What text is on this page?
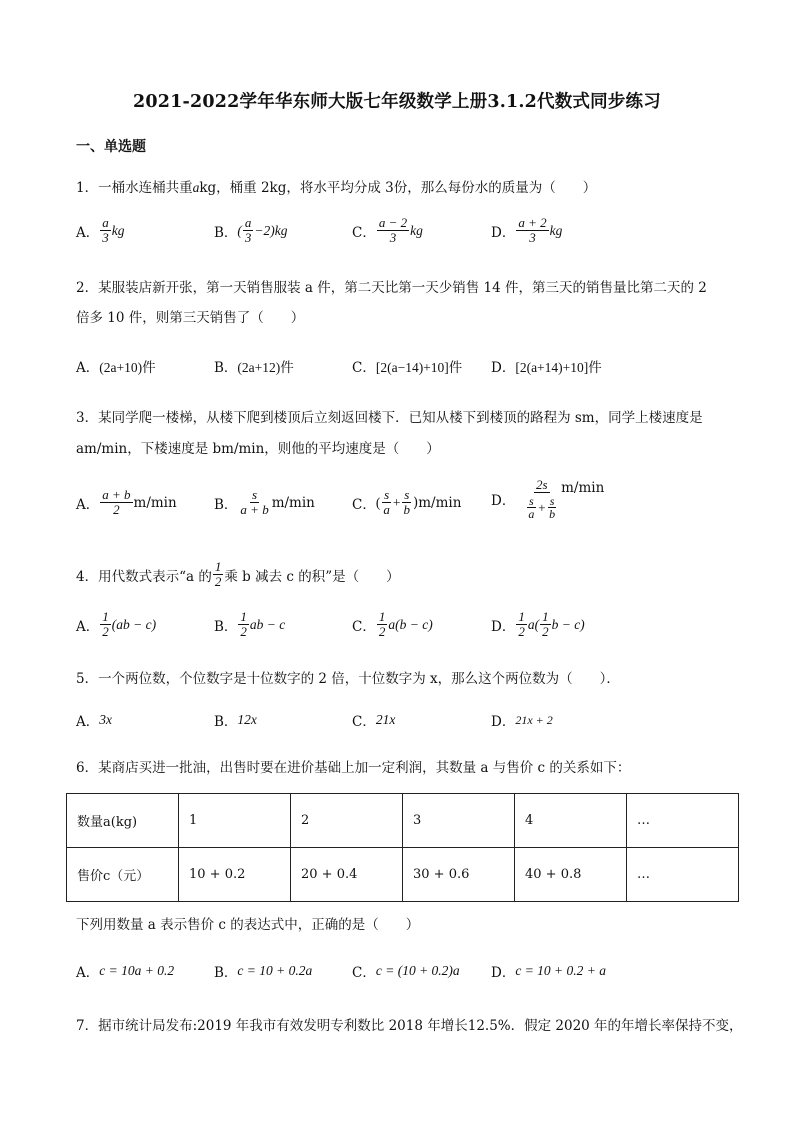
2021-2022学年华东师大版七年级数学上册3.1.2代数式同步练习
一、单选题
1．一桶水连桶共重akg，桶重 2kg，将水平均分成 3份，那么每份水的质量为（　　）
A． $\frac{a}{3}$ kg	B． ( $\frac{a}{3} -2)kg$	C． $\frac{a - 2}{3}$ kg	D． $\frac{a + 2}{3}$ kg
2．某服装店新开张，第一天销售服装 a 件，第二天比第一天少销售 14 件，第三天的销售量比第二天的 2
倍多 10 件，则第三天销售了（　　）
A． (2a+10)件	B． (2a+12)件	C． [2(a−14)+10]件 D． [2(a+14)+10]件
3．某同学爬一楼梯，从楼下爬到楼顶后立刻返回楼下．已知从楼下到楼顶的路程为 sm，同学上楼速度是
am/min，下楼速度是 bm/min，则他的平均速度是（　　）
A． $\frac{a + b}{2} m/\min$	B． $\frac{s}{a + b} m/\min$	C． ( $\frac{s}{a} + \frac{s}{b} )m/\min$ D． $\frac{2s}{\frac{s}{a} + \frac{s}{b}} m/\min$
4．用代数式表示“a 的 $\frac{1}{2}$ 乘 b 减去 c 的积”是（　　）
A． $\frac{1}{2} (ab - c)$	B． $\frac{1}{2}$ ab − c	C． $\frac{1}{2} a(b - c)$	D． $\frac{1}{2} a( \frac{1}{2}$ b − c)
5．一个两位数，个位数字是十位数字的 2 倍，十位数字为 x，那么这个两位数为（　　）．
A． 3x	B． 12x	C． 21x	D． 21x + 2
6．某商店买进一批油，出售时要在进价基础上加一定利润，其数量 a 与售价 c 的关系如下：
数量a(kg)	1	2	3	4	…
售价c（元）	10 + 0.2	20 + 0.4	30 + 0.6	40 + 0.8	…
下列用数量 a 表示售价 c 的表达式中，正确的是（　　）
A． c = 10a + 0.2	B． c = 10 + 0.2a	C． c = (10 + 0.2)a D． c = 10 + 0.2 + a
7．据市统计局发布:2019 年我市有效发明专利数比 2018 年增长12.5%．假定 2020 年的年增长率保持不变，
